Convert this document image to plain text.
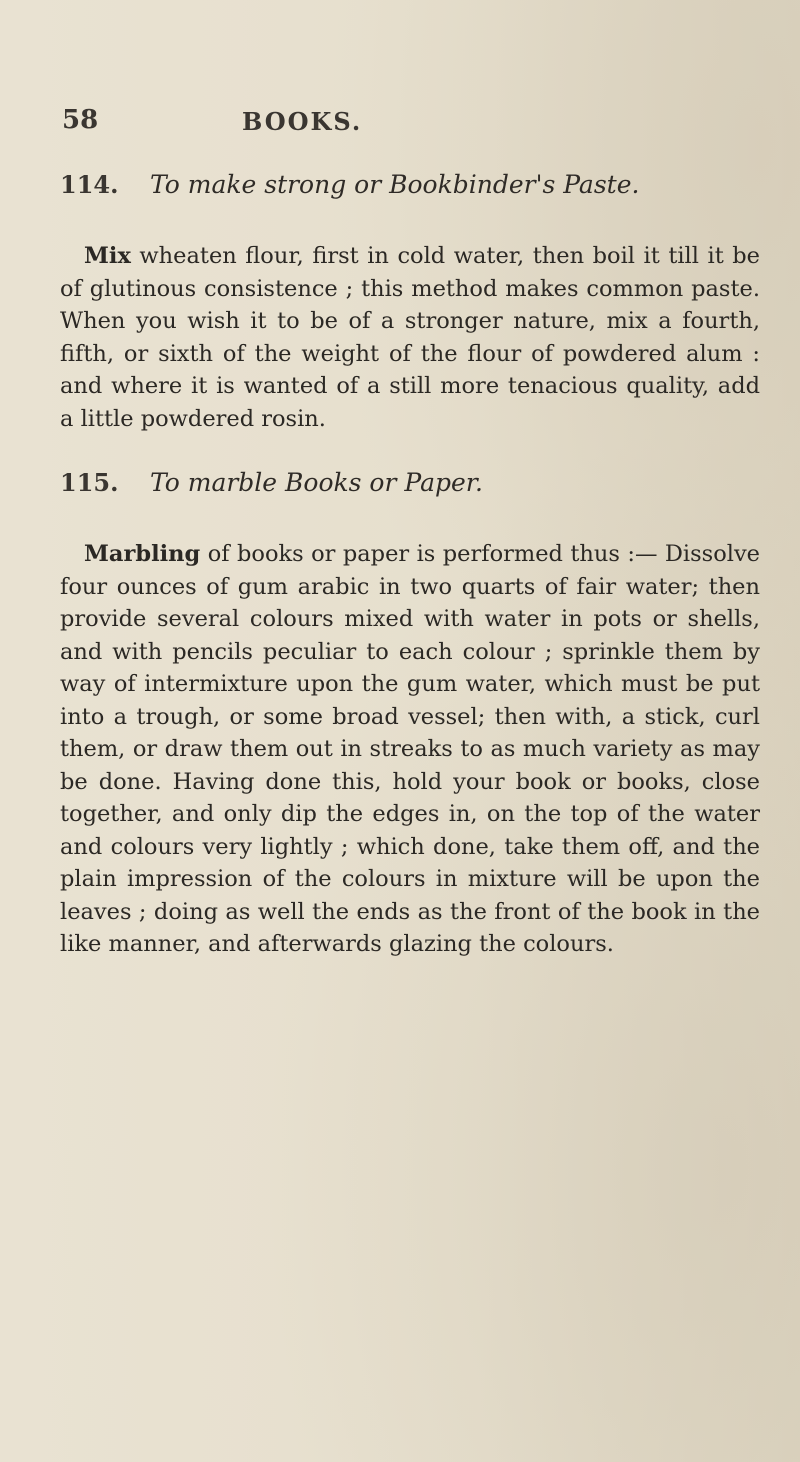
58	BOOKS.
114.	To make strong or Bookbinder's Paste.

Mix wheaten flour, first in cold water, then boil it till it be of glutinous consistence ; this method makes common paste. When you wish it to be of a stronger nature, mix a fourth, fifth, or sixth of the weight of the flour of powdered alum : and where it is wanted of a still more tenacious quality, add a little powdered rosin.

115.	To marble Books or Paper.

Marbling of books or paper is performed thus :— Dissolve four ounces of gum arabic in two quarts of fair water; then provide several colours mixed with water in pots or shells, and with pencils peculiar to each colour ; sprinkle them by way of intermixture upon the gum water, which must be put into a trough, or some broad vessel; then with, a stick, curl them, or draw them out in streaks to as much variety as may be done. Having done this, hold your book or books, close together, and only dip the edges in, on the top of the water and colours very lightly ; which done, take them off, and the plain impression of the colours in mixture will be upon the leaves ; doing as well the ends as the front of the book in the like manner, and afterwards glazing the colours.
